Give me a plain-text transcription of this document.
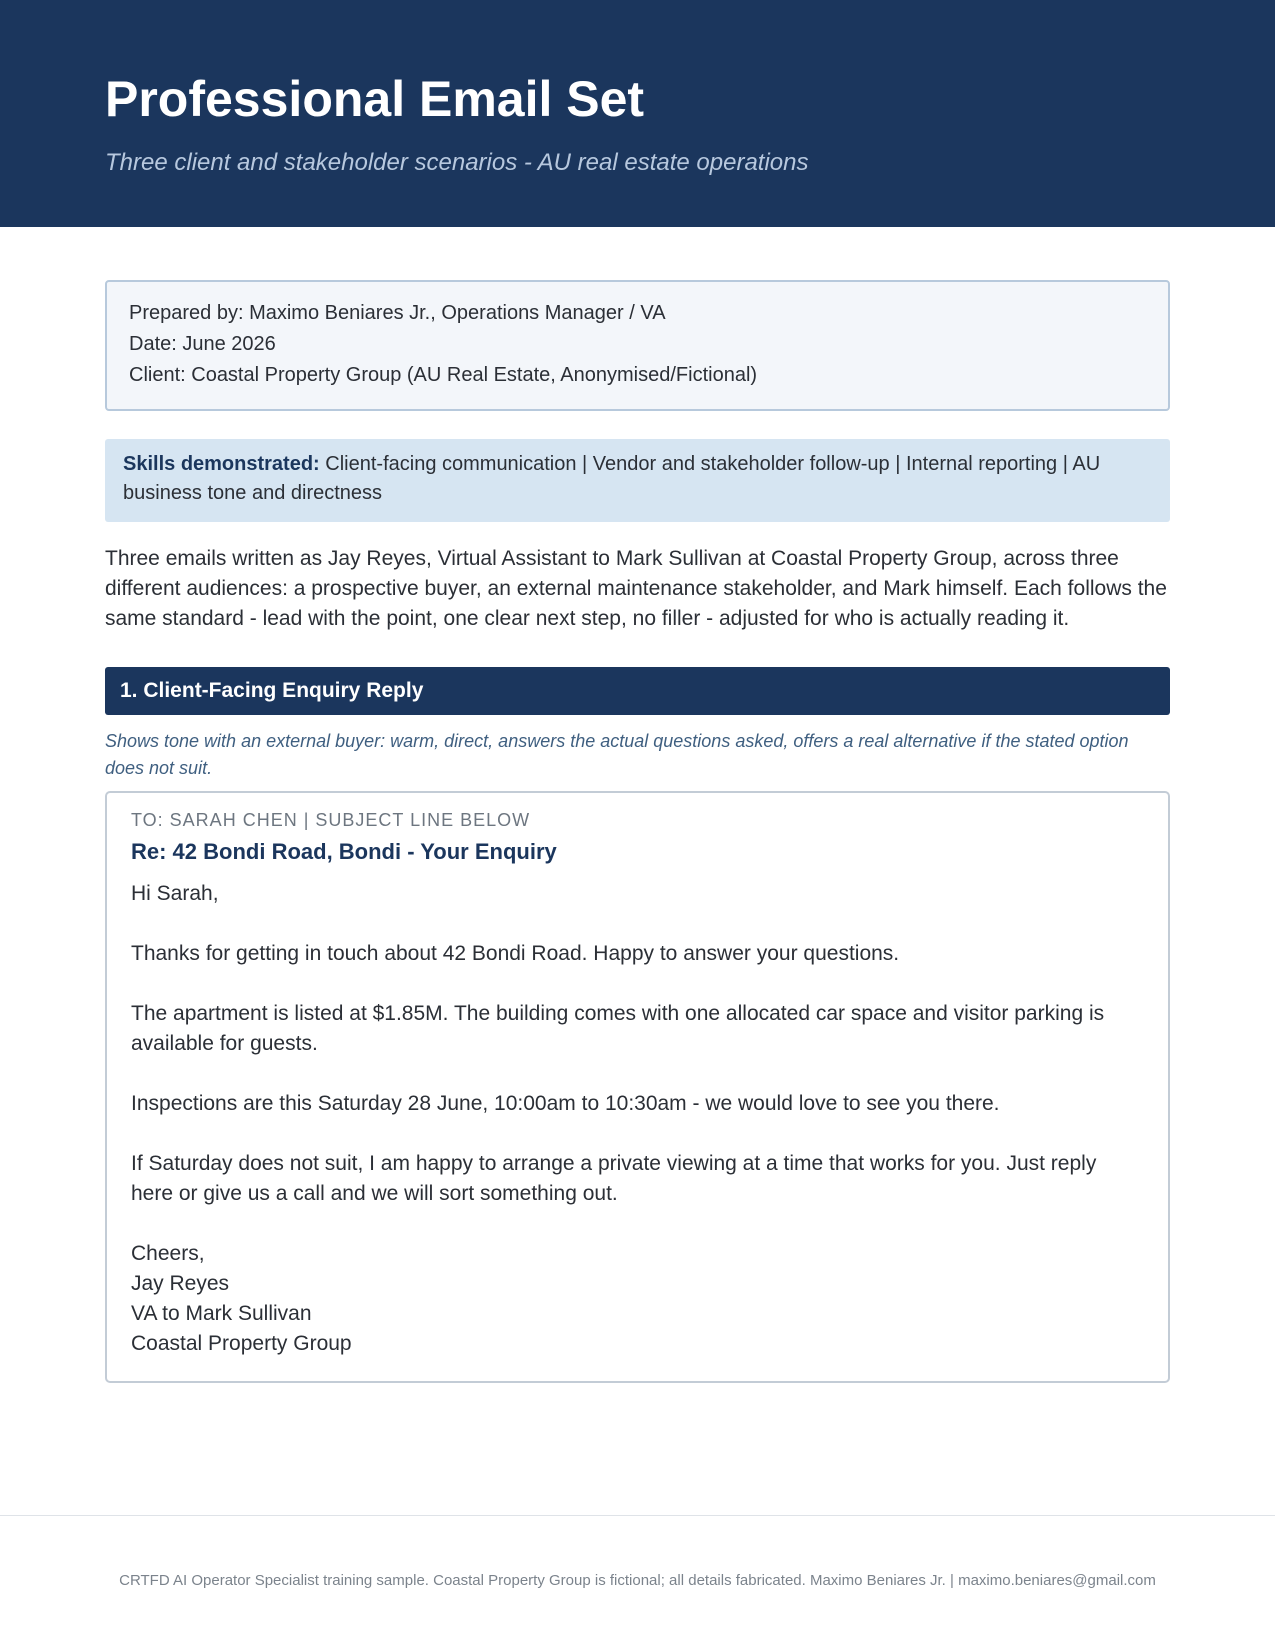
Professional Email Set
Three client and stakeholder scenarios - AU real estate operations
Prepared by: Maximo Beniares Jr., Operations Manager / VA
Date: June 2026
Client: Coastal Property Group (AU Real Estate, Anonymised/Fictional)
Skills demonstrated: Client-facing communication | Vendor and stakeholder follow-up | Internal reporting | AU business tone and directness

Three emails written as Jay Reyes, Virtual Assistant to Mark Sullivan at Coastal Property Group, across three different audiences: a prospective buyer, an external maintenance stakeholder, and Mark himself. Each follows the same standard - lead with the point, one clear next step, no filler - adjusted for who is actually reading it.

1. Client-Facing Enquiry Reply
Shows tone with an external buyer: warm, direct, answers the actual questions asked, offers a real alternative if the stated option does not suit.
TO: SARAH CHEN | SUBJECT LINE BELOW
Re: 42 Bondi Road, Bondi - Your Enquiry

Hi Sarah,

Thanks for getting in touch about 42 Bondi Road. Happy to answer your questions.

The apartment is listed at $1.85M. The building comes with one allocated car space and visitor parking is available for guests.

Inspections are this Saturday 28 June, 10:00am to 10:30am - we would love to see you there.

If Saturday does not suit, I am happy to arrange a private viewing at a time that works for you. Just reply here or give us a call and we will sort something out.

Cheers,
Jay Reyes
VA to Mark Sullivan
Coastal Property Group
CRTFD AI Operator Specialist training sample. Coastal Property Group is fictional; all details fabricated. Maximo Beniares Jr. | maximo.beniares@gmail.com
